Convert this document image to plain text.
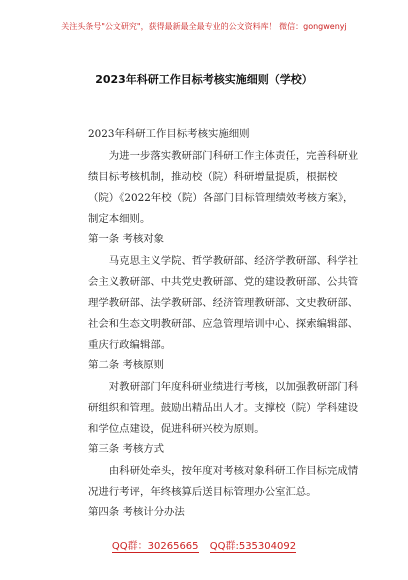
关注头条号"公文研究"，获得最新最全最专业的公文资料库！ 微信：gongwenyj
2023年科研工作目标考核实施细则（学校）
2023年科研工作目标考核实施细则
为进一步落实教研部门科研工作主体责任，完善科研业绩目标考核机制，推动校（院）科研增量提质，根据校（院）《2022年校（院）各部门目标管理绩效考核方案》，制定本细则。
第一条 考核对象
马克思主义学院、哲学教研部、经济学教研部、科学社会主义教研部、中共党史教研部、党的建设教研部、公共管理学教研部、法学教研部、经济管理教研部、文史教研部、社会和生态文明教研部、应急管理培训中心、探索编辑部、重庆行政编辑部。
第二条 考核原则
对教研部门年度科研业绩进行考核，以加强教研部门科研组织和管理。鼓励出精品出人才。支撑校（院）学科建设和学位点建设，促进科研兴校为原则。
第三条 考核方式
由科研处牵头，按年度对考核对象科研工作目标完成情况进行考评，年终核算后送目标管理办公室汇总。
第四条 考核计分办法
QQ群：30265665 QQ群:535304092
